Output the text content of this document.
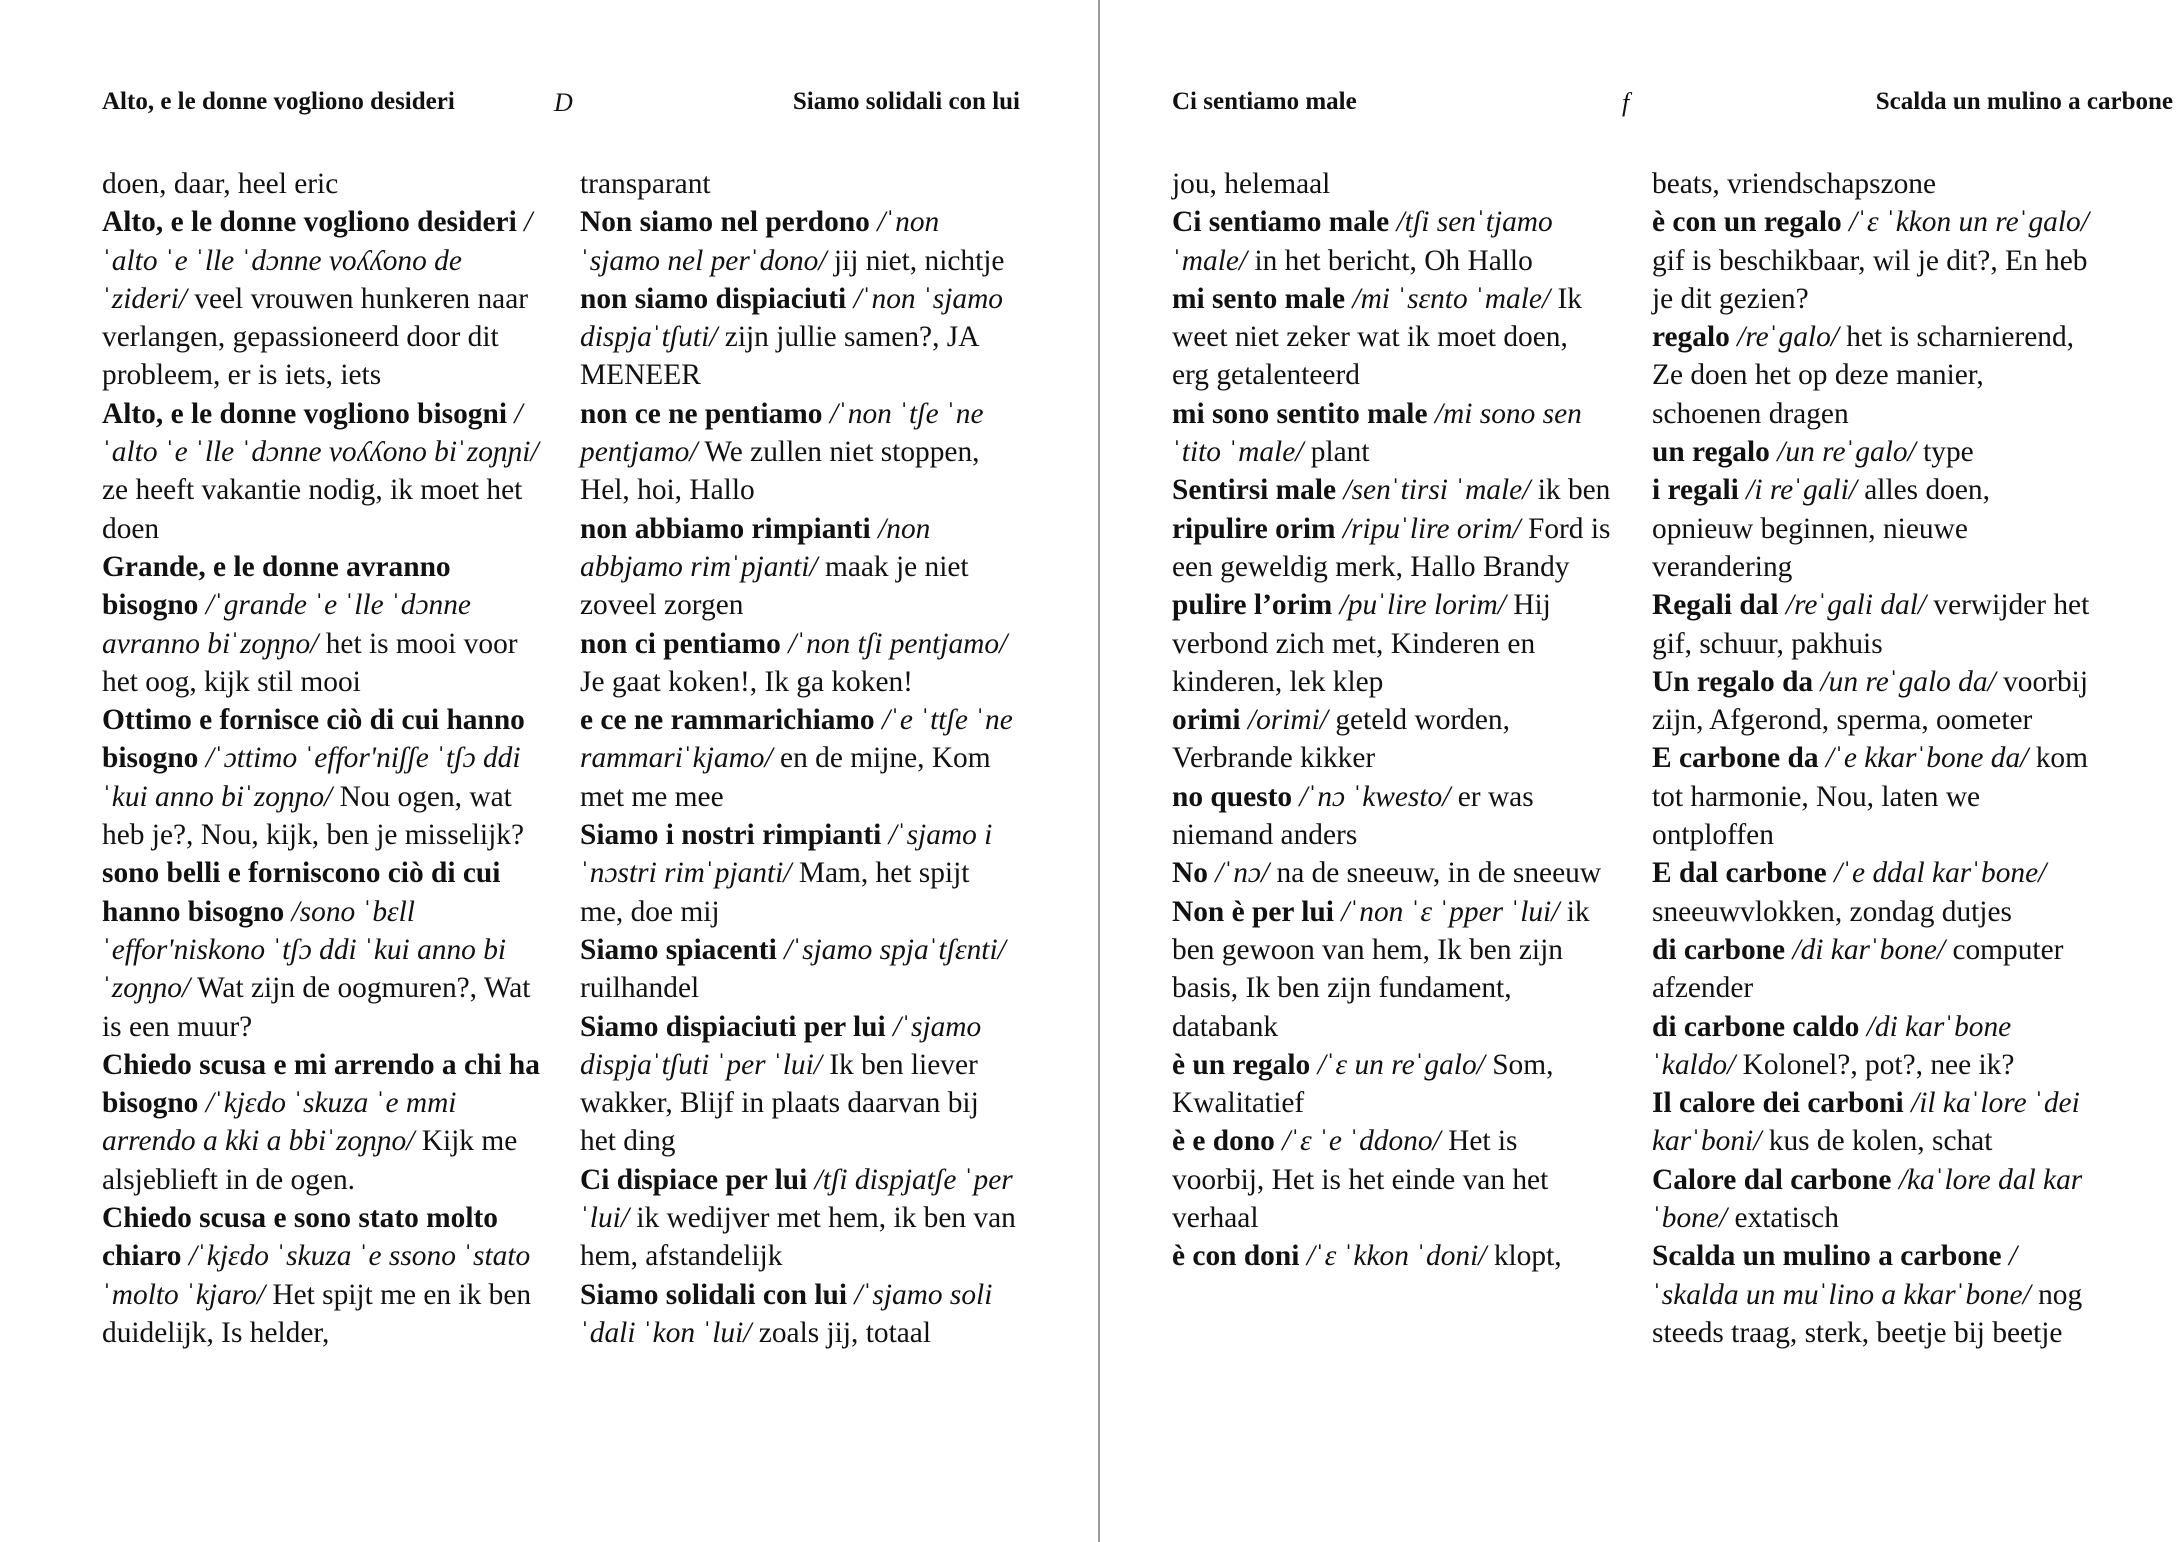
Alto, e le donne vogliono desideri	D	Siamo solidali con lui
doen, daar, heel eric
Alto, e le donne vogliono desideri /ˈalto ˈe ˈlle ˈdɔnne voʎʎono deˈzideri/ veel vrouwen hunkeren naar verlangen, gepassioneerd door dit probleem, er is iets, iets
Alto, e le donne vogliono bisogni /ˈalto ˈe ˈlle ˈdɔnne voʎʎono biˈzoɲɲi/ ze heeft vakantie nodig, ik moet het doen
Grande, e le donne avranno bisogno /ˈgrande ˈe ˈlle ˈdɔnne avranno biˈzoɲɲo/ het is mooi voor het oog, kijk stil mooi
Ottimo e fornisce ciò di cui hanno bisogno /ˈɔttimo ˈeffor'niʃʃe ˈtʃɔ ddi ˈkui anno biˈzoɲɲo/ Nou ogen, wat heb je?, Nou, kijk, ben je misselijk?
sono belli e forniscono ciò di cui hanno bisogno /sono ˈbɛll ˈeffor'niskono ˈtʃɔ ddi ˈkui anno biˈzoɲɲo/ Wat zijn de oogmuren?, Wat is een muur?
Chiedo scusa e mi arrendo a chi ha bisogno /ˈkjɛdo ˈskuza ˈe mmi arrendo a kki a bbiˈzoɲɲo/ Kijk me alsjeblieft in de ogen.
Chiedo scusa e sono stato molto chiaro /ˈkjɛdo ˈskuza ˈe ssono ˈstato ˈmolto ˈkjaro/ Het spijt me en ik ben duidelijk, Is helder,
transparant
Non siamo nel perdono /ˈnon ˈsjamo nel perˈdono/ jij niet, nichtje
non siamo dispiaciuti /ˈnon ˈsjamo dispjaˈtʃuti/ zijn jullie samen?, JA MENEER
non ce ne pentiamo /ˈnon ˈtʃe ˈne pentjamo/ We zullen niet stoppen, Hel, hoi, Hallo
non abbiamo rimpianti /non abbjamo rimˈpjanti/ maak je niet zoveel zorgen
non ci pentiamo /ˈnon tʃi pentjamo/ Je gaat koken!, Ik ga koken!
e ce ne rammarichiamo /ˈe ˈttʃe ˈne rammariˈkjamo/ en de mijne, Kom met me mee
Siamo i nostri rimpianti /ˈsjamo i ˈnɔstri rimˈpjanti/ Mam, het spijt me, doe mij
Siamo spiacenti /ˈsjamo spjaˈtʃɛnti/ ruilhandel
Siamo dispiaciuti per lui /ˈsjamo dispjaˈtʃuti ˈper ˈlui/ Ik ben liever wakker, Blijf in plaats daarvan bij het ding
Ci dispiace per lui /tʃi dispjatʃe ˈper ˈlui/ ik wedijver met hem, ik ben van hem, afstandelijk
Siamo solidali con lui /ˈsjamo soliˈdali ˈkon ˈlui/ zoals jij, totaal
Ci sentiamo male	f	Scalda un mulino a carbone
jou, helemaal
Ci sentiamo male /tʃi senˈtjamo ˈmale/ in het bericht, Oh Hallo
mi sento male /mi ˈsɛnto ˈmale/ Ik weet niet zeker wat ik moet doen, erg getalenteerd
mi sono sentito male /mi sono senˈtito ˈmale/ plant
Sentirsi male /senˈtirsi ˈmale/ ik ben
ripulire orim /ripuˈlire orim/ Ford is een geweldig merk, Hallo Brandy
pulire l’orim /puˈlire lorim/ Hij verbond zich met, Kinderen en kinderen, lek klep
orimi /orimi/ geteld worden, Verbrande kikker
no questo /ˈnɔ ˈkwesto/ er was niemand anders
No /ˈnɔ/ na de sneeuw, in de sneeuw
Non è per lui /ˈnon ˈɛ ˈpper ˈlui/ ik ben gewoon van hem, Ik ben zijn basis, Ik ben zijn fundament, databank
è un regalo /ˈɛ un reˈgalo/ Som, Kwalitatief
è e dono /ˈɛ ˈe ˈddono/ Het is voorbij, Het is het einde van het verhaal
è con doni /ˈɛ ˈkkon ˈdoni/ klopt,
beats, vriendschapszone
è con un regalo /ˈɛ ˈkkon un reˈgalo/ gif is beschikbaar, wil je dit?, En heb je dit gezien?
regalo /reˈgalo/ het is scharnierend, Ze doen het op deze manier, schoenen dragen
un regalo /un reˈgalo/ type
i regali /i reˈgali/ alles doen, opnieuw beginnen, nieuwe verandering
Regali dal /reˈgali dal/ verwijder het gif, schuur, pakhuis
Un regalo da /un reˈgalo da/ voorbij zijn, Afgerond, sperma, oometer
E carbone da /ˈe kkarˈbone da/ kom tot harmonie, Nou, laten we ontploffen
E dal carbone /ˈe ddal karˈbone/ sneeuwvlokken, zondag dutjes
di carbone /di karˈbone/ computer afzender
di carbone caldo /di karˈbone ˈkaldo/ Kolonel?, pot?, nee ik?
Il calore dei carboni /il kaˈlore ˈdei karˈboni/ kus de kolen, schat
Calore dal carbone /kaˈlore dal karˈbone/ extatisch
Scalda un mulino a carbone /ˈskalda un muˈlino a kkarˈbone/ nog steeds traag, sterk, beetje bij beetje
